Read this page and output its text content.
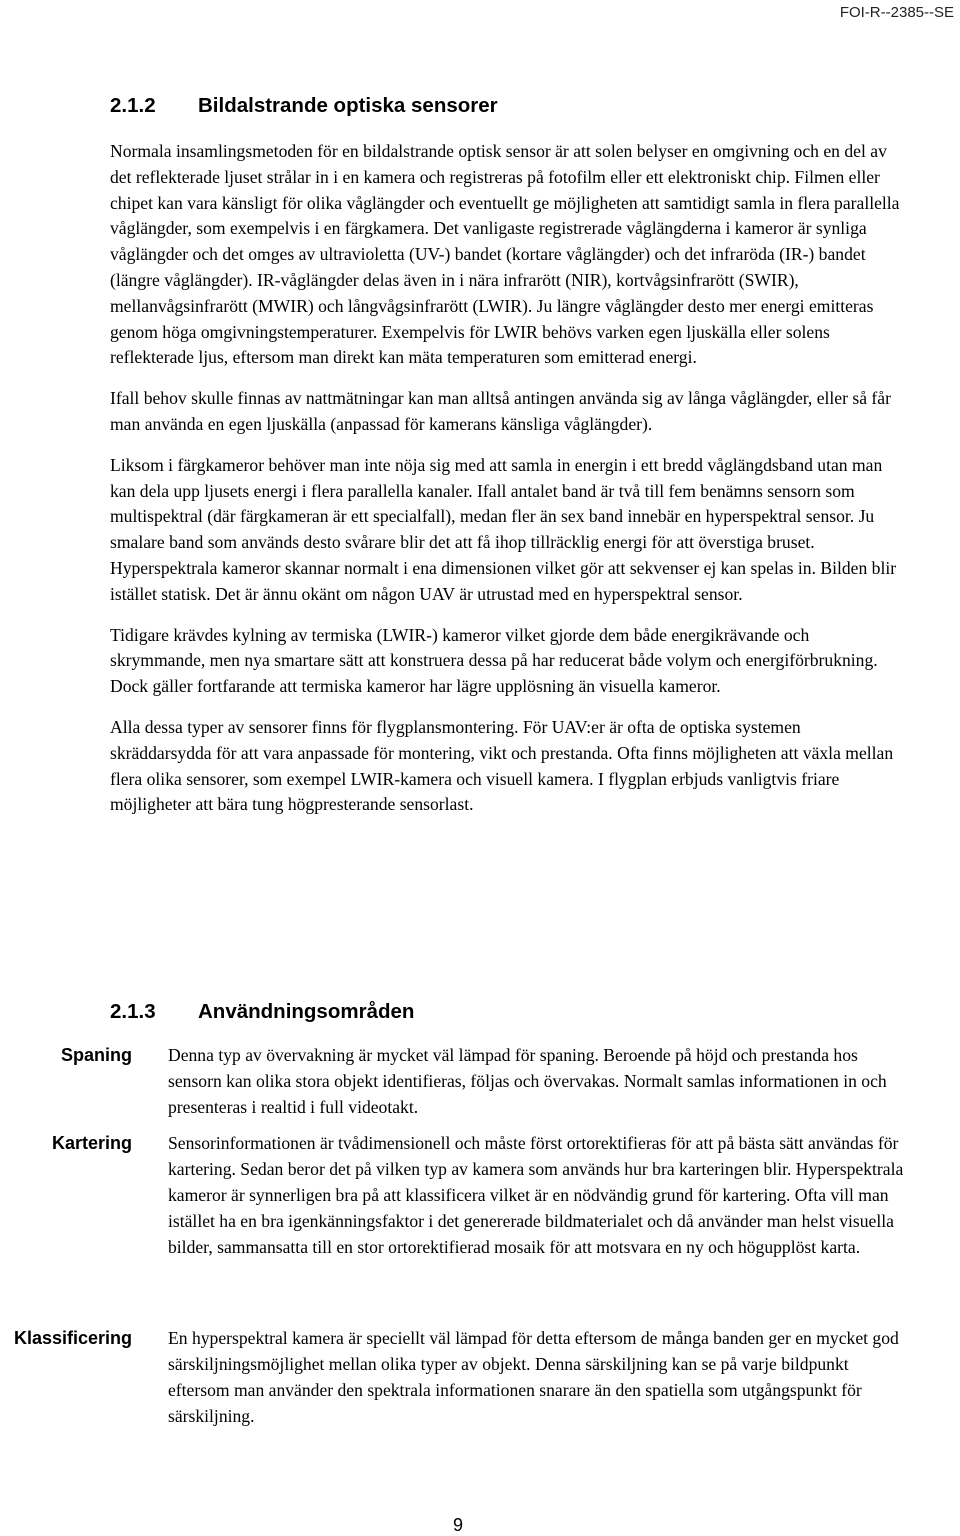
FOI-R--2385--SE
2.1.2 Bildalstrande optiska sensorer

Normala insamlingsmetoden för en bildalstrande optisk sensor är att solen belyser en omgivning och en del av det reflekterade ljuset strålar in i en kamera och registreras på fotofilm eller ett elektroniskt chip. Filmen eller chipet kan vara känsligt för olika våglängder och eventuellt ge möjligheten att samtidigt samla in flera parallella våglängder, som exempelvis i en färgkamera. Det vanligaste registrerade våglängderna i kameror är synliga våglängder och det omges av ultravioletta (UV-) bandet (kortare våglängder) och det infraröda (IR-) bandet (längre våglängder). IR-våglängder delas även in i nära infrarött (NIR), kortvågsinfrarött (SWIR), mellanvågsinfrarött (MWIR) och långvågsinfrarött (LWIR). Ju längre våglängder desto mer energi emitteras genom höga omgivningstemperaturer. Exempelvis för LWIR behövs varken egen ljuskälla eller solens reflekterade ljus, eftersom man direkt kan mäta temperaturen som emitterad energi.

Ifall behov skulle finnas av nattmätningar kan man alltså antingen använda sig av långa våglängder, eller så får man använda en egen ljuskälla (anpassad för kamerans känsliga våglängder).

Liksom i färgkameror behöver man inte nöja sig med att samla in energin i ett bredd våglängdsband utan man kan dela upp ljusets energi i flera parallella kanaler. Ifall antalet band är två till fem benämns sensorn som multispektral (där färgkameran är ett specialfall), medan fler än sex band innebär en hyperspektral sensor. Ju smalare band som används desto svårare blir det att få ihop tillräcklig energi för att överstiga bruset. Hyperspektrala kameror skannar normalt i ena dimensionen vilket gör att sekvenser ej kan spelas in. Bilden blir istället statisk. Det är ännu okänt om någon UAV är utrustad med en hyperspektral sensor.

Tidigare krävdes kylning av termiska (LWIR-) kameror vilket gjorde dem både energikrävande och skrymmande, men nya smartare sätt att konstruera dessa på har reducerat både volym och energiförbrukning. Dock gäller fortfarande att termiska kameror har lägre upplösning än visuella kameror.

Alla dessa typer av sensorer finns för flygplansmontering. För UAV:er är ofta de optiska systemen skräddarsydda för att vara anpassade för montering, vikt och prestanda. Ofta finns möjligheten att växla mellan flera olika sensorer, som exempel LWIR-kamera och visuell kamera. I flygplan erbjuds vanligtvis friare möjligheter att bära tung högpresterande sensorlast.

2.1.3 Användningsområden
Spaning Denna typ av övervakning är mycket väl lämpad för spaning. Beroende på höjd och prestanda hos sensorn kan olika stora objekt identifieras, följas och övervakas. Normalt samlas informationen in och presenteras i realtid i full videotakt.

Kartering Sensorinformationen är tvådimensionell och måste först ortorektifieras för att på bästa sätt användas för kartering. Sedan beror det på vilken typ av kamera som används hur bra karteringen blir. Hyperspektrala kameror är synnerligen bra på att klassificera vilket är en nödvändig grund för kartering. Ofta vill man istället ha en bra igenkänningsfaktor i det genererade bildmaterialet och då använder man helst visuella bilder, sammansatta till en stor ortorektifierad mosaik för att motsvara en ny och högupplöst karta.

Klassificering En hyperspektral kamera är speciellt väl lämpad för detta eftersom de många banden ger en mycket god särskiljningsmöjlighet mellan olika typer av objekt. Denna särskiljning kan se på varje bildpunkt eftersom man använder den spektrala informationen snarare än den spatiella som utgångspunkt för särskiljning.

9
